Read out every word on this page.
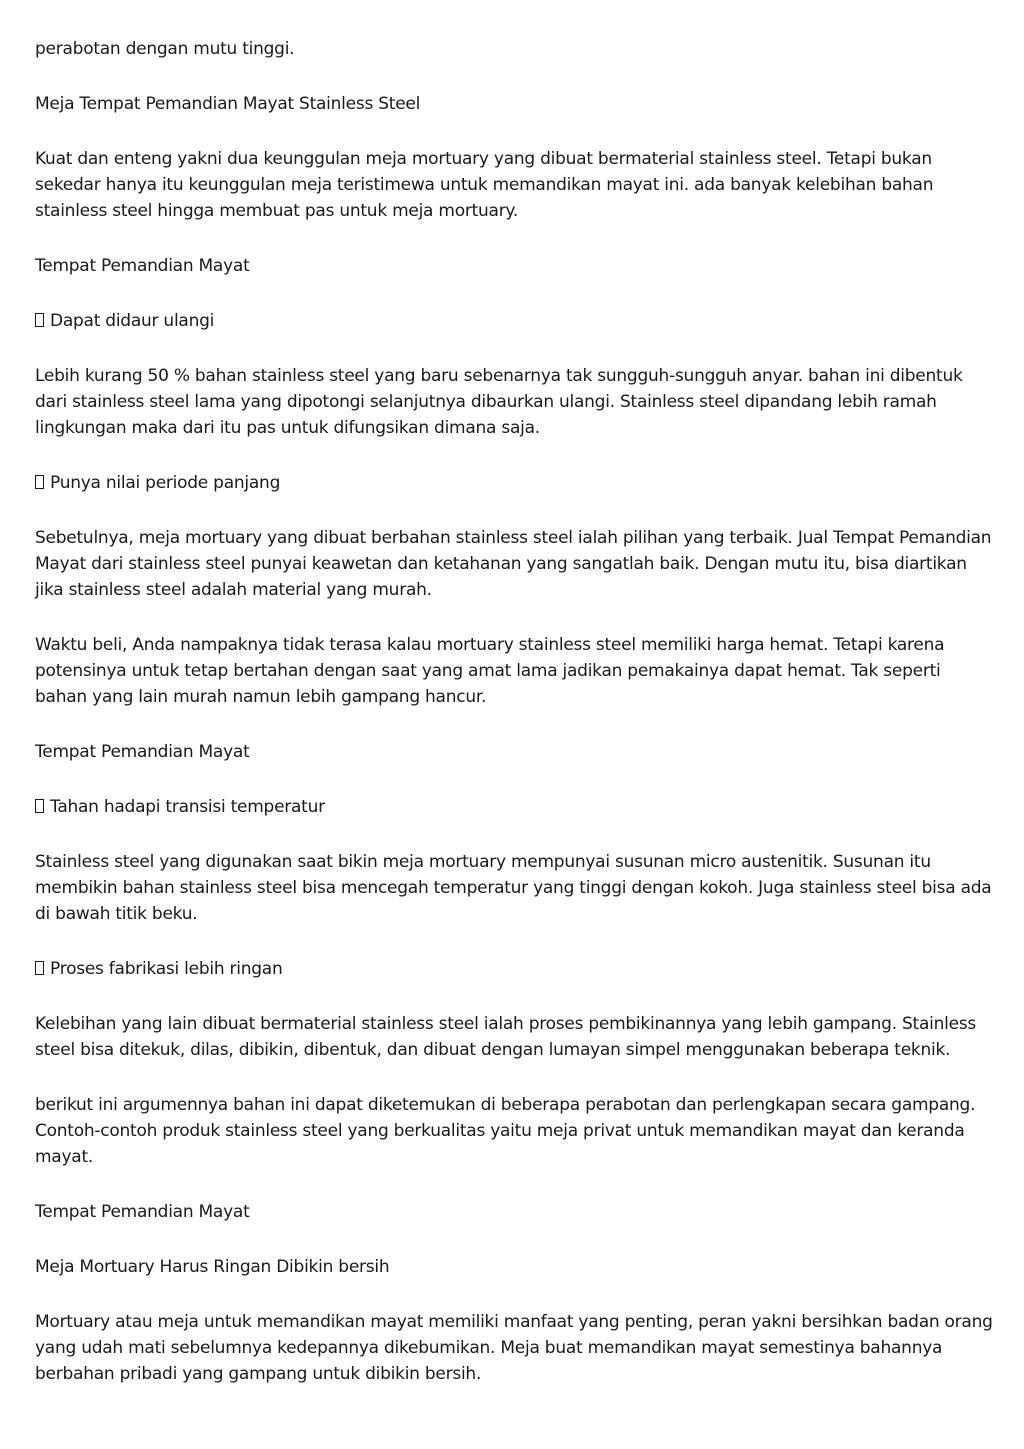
perabotan dengan mutu tinggi.

Meja Tempat Pemandian Mayat Stainless Steel

Kuat dan enteng yakni dua keunggulan meja mortuary yang dibuat bermaterial stainless steel. Tetapi bukan sekedar hanya itu keunggulan meja teristimewa untuk memandikan mayat ini. ada banyak kelebihan bahan stainless steel hingga membuat pas untuk meja mortuary.

Tempat Pemandian Mayat

Dapat didaur ulangi

Lebih kurang 50 % bahan stainless steel yang baru sebenarnya tak sungguh-sungguh anyar. bahan ini dibentuk dari stainless steel lama yang dipotongi selanjutnya dibaurkan ulangi. Stainless steel dipandang lebih ramah lingkungan maka dari itu pas untuk difungsikan dimana saja.

Punya nilai periode panjang

Sebetulnya, meja mortuary yang dibuat berbahan stainless steel ialah pilihan yang terbaik. Jual Tempat Pemandian Mayat dari stainless steel punyai keawetan dan ketahanan yang sangatlah baik. Dengan mutu itu, bisa diartikan jika stainless steel adalah material yang murah.

Waktu beli, Anda nampaknya tidak terasa kalau mortuary stainless steel memiliki harga hemat. Tetapi karena potensinya untuk tetap bertahan dengan saat yang amat lama jadikan pemakainya dapat hemat. Tak seperti bahan yang lain murah namun lebih gampang hancur.

Tempat Pemandian Mayat

Tahan hadapi transisi temperatur

Stainless steel yang digunakan saat bikin meja mortuary mempunyai susunan micro austenitik. Susunan itu membikin bahan stainless steel bisa mencegah temperatur yang tinggi dengan kokoh. Juga stainless steel bisa ada di bawah titik beku.

Proses fabrikasi lebih ringan

Kelebihan yang lain dibuat bermaterial stainless steel ialah proses pembikinannya yang lebih gampang. Stainless steel bisa ditekuk, dilas, dibikin, dibentuk, dan dibuat dengan lumayan simpel menggunakan beberapa teknik.

berikut ini argumennya bahan ini dapat diketemukan di beberapa perabotan dan perlengkapan secara gampang. Contoh-contoh produk stainless steel yang berkualitas yaitu meja privat untuk memandikan mayat dan keranda mayat.

Tempat Pemandian Mayat

Meja Mortuary Harus Ringan Dibikin bersih

Mortuary atau meja untuk memandikan mayat memiliki manfaat yang penting, peran yakni bersihkan badan orang yang udah mati sebelumnya kedepannya dikebumikan. Meja buat memandikan mayat semestinya bahannya berbahan pribadi yang gampang untuk dibikin bersih.
